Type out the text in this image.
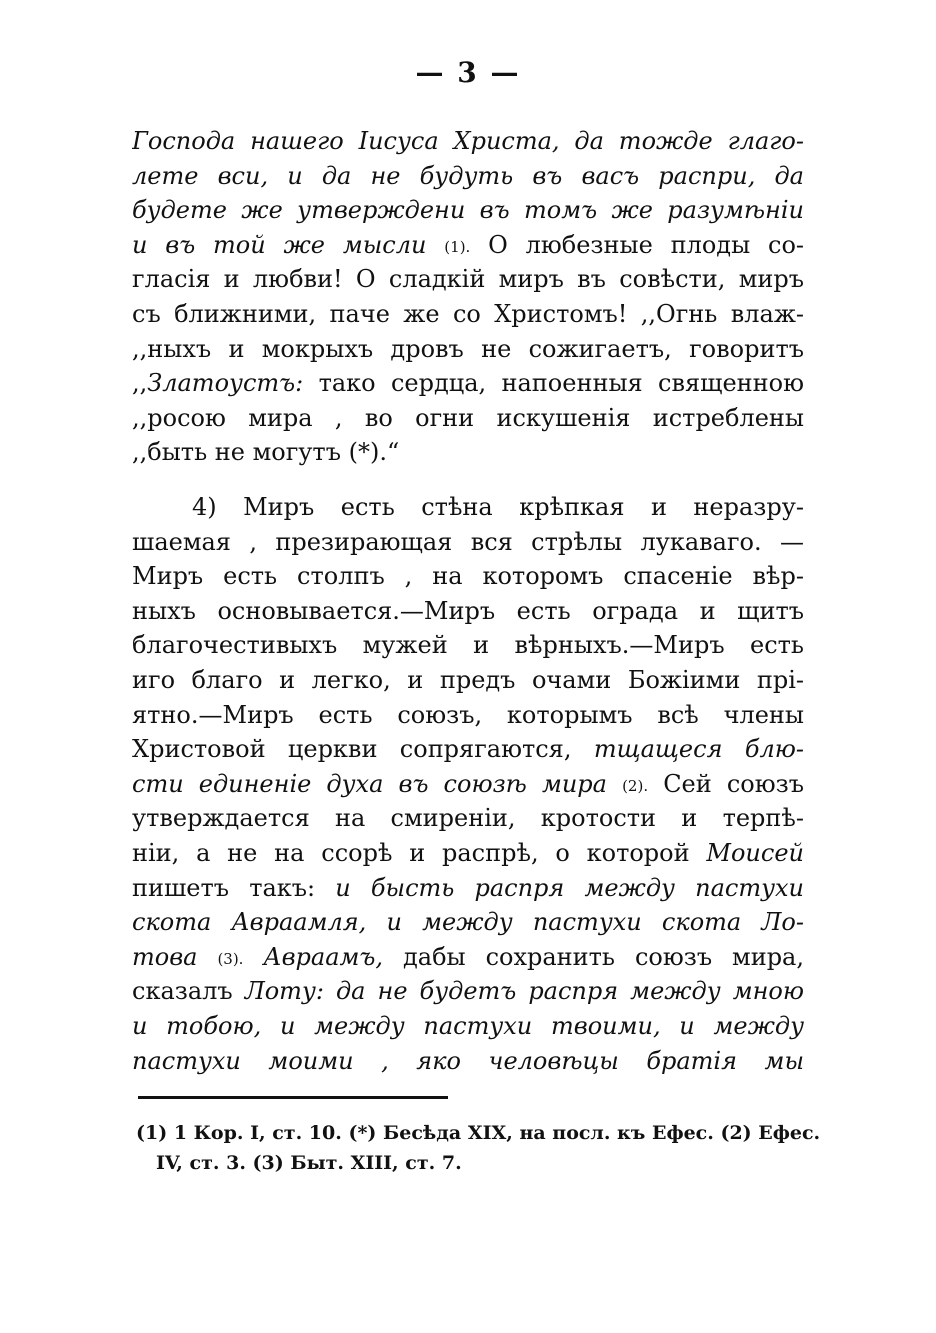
— 3 —
Господа нашего Іисуса Христа, да тожде глаго-
лете вси, и да не будуть въ васъ распри, да
будете же утверждени въ томъ же разумѣніи
и въ той же мысли (1). О любезные плоды со-
гласія и любви! О сладкій миръ въ совѣсти, миръ
съ ближними, паче же со Христомъ! ,,Огнь влаж-
,,ныхъ и мокрыхъ дровъ не сожигаетъ, говоритъ
,,Златоустъ: тако сердца, напоенныя священною
,,росою мира , во огни искушенія истреблены
,,быть не могутъ (*).“
4) Миръ есть стѣна крѣпкая и неразру-
шаемая , презирающая вся стрѣлы лукаваго. —
Миръ есть столпъ , на которомъ спасеніе вѣр-
ныхъ основывается.—Миръ есть ограда и щитъ
благочестивыхъ мужей и вѣрныхъ.—Миръ есть
иго благо и легко, и предъ очами Божіими прі-
ятно.—Миръ есть союзъ, которымъ всѣ члены
Христовой церкви сопрягаются, тщащеся блю-
сти единеніе духа въ союзѣ мира (2). Сей союзъ
утверждается на смиреніи, кротости и терпѣ-
ніи, а не на ссорѣ и распрѣ, о которой Моисей
пишетъ такъ: и бысть распря между пастухи
скота Авраамля, и между пастухи скота Ло-
това (3). Авраамъ, дабы сохранить союзъ мира,
сказалъ Лоту: да не будетъ распря между мною
и тобою, и между пастухи твоими, и между
пастухи моими , яко человѣцы братія мы
(1) 1 Кор. I, ст. 10. (*) Бесѣда XIX, на посл. къ Ефес. (2) Ефес.
IV, ст. 3. (3) Быт. XIII, ст. 7.
